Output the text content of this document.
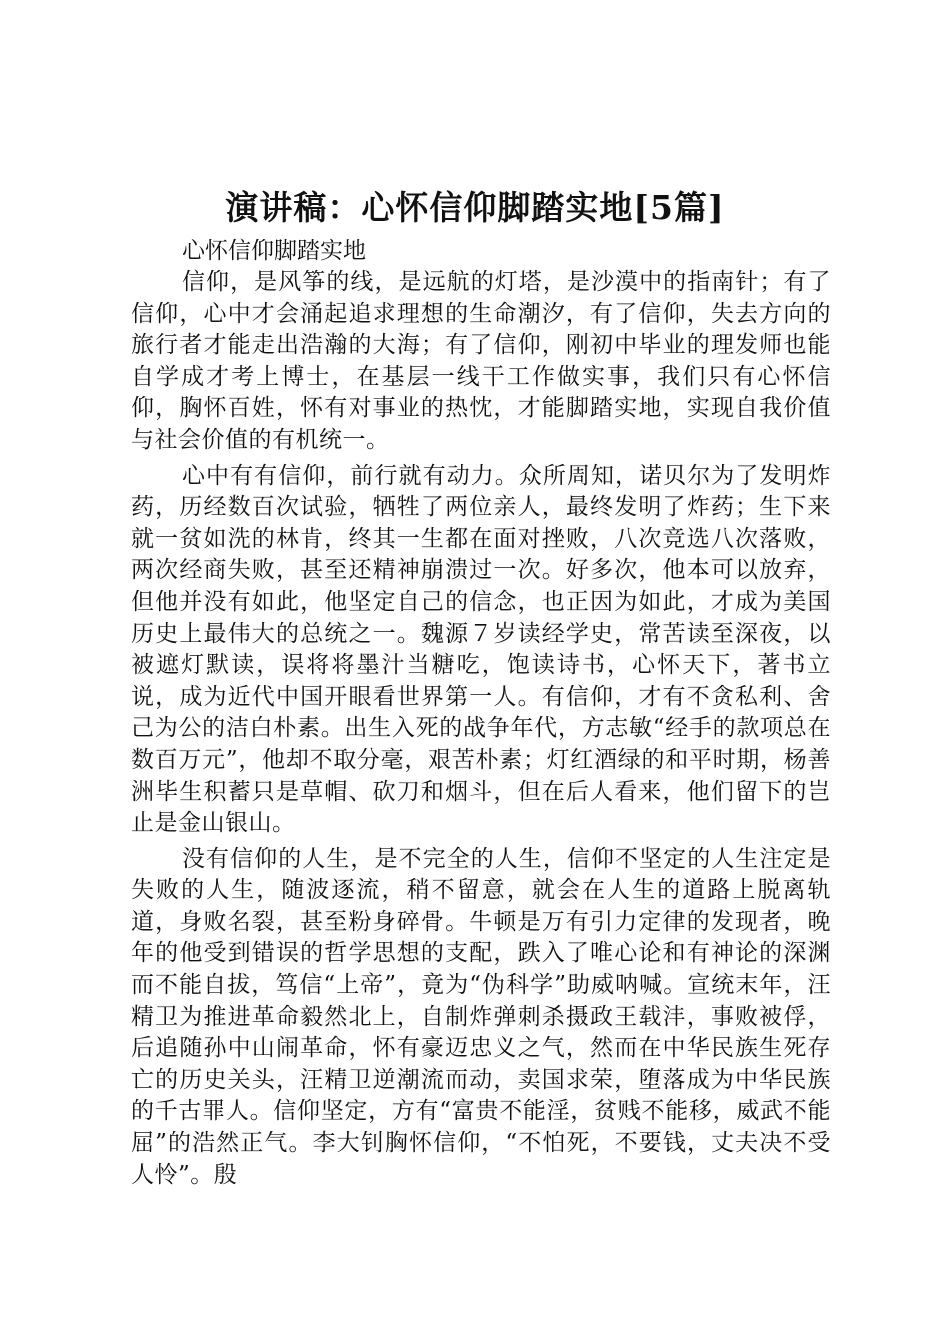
演讲稿：心怀信仰脚踏实地[5篇]

心怀信仰脚踏实地

信仰，是风筝的线，是远航的灯塔，是沙漠中的指南针；有了信仰，心中才会涌起追求理想的生命潮汐，有了信仰，失去方向的旅行者才能走出浩瀚的大海；有了信仰，刚初中毕业的理发师也能自学成才考上博士，在基层一线干工作做实事，我们只有心怀信仰，胸怀百姓，怀有对事业的热忱，才能脚踏实地，实现自我价值与社会价值的有机统一。

心中有有信仰，前行就有动力。众所周知，诺贝尔为了发明炸药，历经数百次试验，牺牲了两位亲人，最终发明了炸药；生下来就一贫如洗的林肯，终其一生都在面对挫败，八次竞选八次落败，两次经商失败，甚至还精神崩溃过一次。好多次，他本可以放弃，但他并没有如此，他坚定自己的信念，也正因为如此，才成为美国历史上最伟大的总统之一。魏源７岁读经学史，常苦读至深夜，以被遮灯默读，误将将墨汁当糖吃，饱读诗书，心怀天下，著书立说，成为近代中国开眼看世界第一人。有信仰，才有不贪私利、舍己为公的洁白朴素。出生入死的战争年代，方志敏“经手的款项总在数百万元”，他却不取分毫，艰苦朴素；灯红酒绿的和平时期，杨善洲毕生积蓄只是草帽、砍刀和烟斗，但在后人看来，他们留下的岂止是金山银山。

没有信仰的人生，是不完全的人生，信仰不坚定的人生注定是失败的人生，随波逐流，稍不留意，就会在人生的道路上脱离轨道，身败名裂，甚至粉身碎骨。牛顿是万有引力定律的发现者，晚年的他受到错误的哲学思想的支配，跌入了唯心论和有神论的深渊而不能自拔，笃信“上帝”，竟为“伪科学”助威呐喊。宣统末年，汪精卫为推进革命毅然北上，自制炸弹刺杀摄政王载沣，事败被俘，后追随孙中山闹革命，怀有豪迈忠义之气，然而在中华民族生死存亡的历史关头，汪精卫逆潮流而动，卖国求荣，堕落成为中华民族的千古罪人。信仰坚定，方有“富贵不能淫，贫贱不能移，威武不能屈”的浩然正气。李大钊胸怀信仰，“不怕死，不要钱，丈夫决不受人怜”。殷
